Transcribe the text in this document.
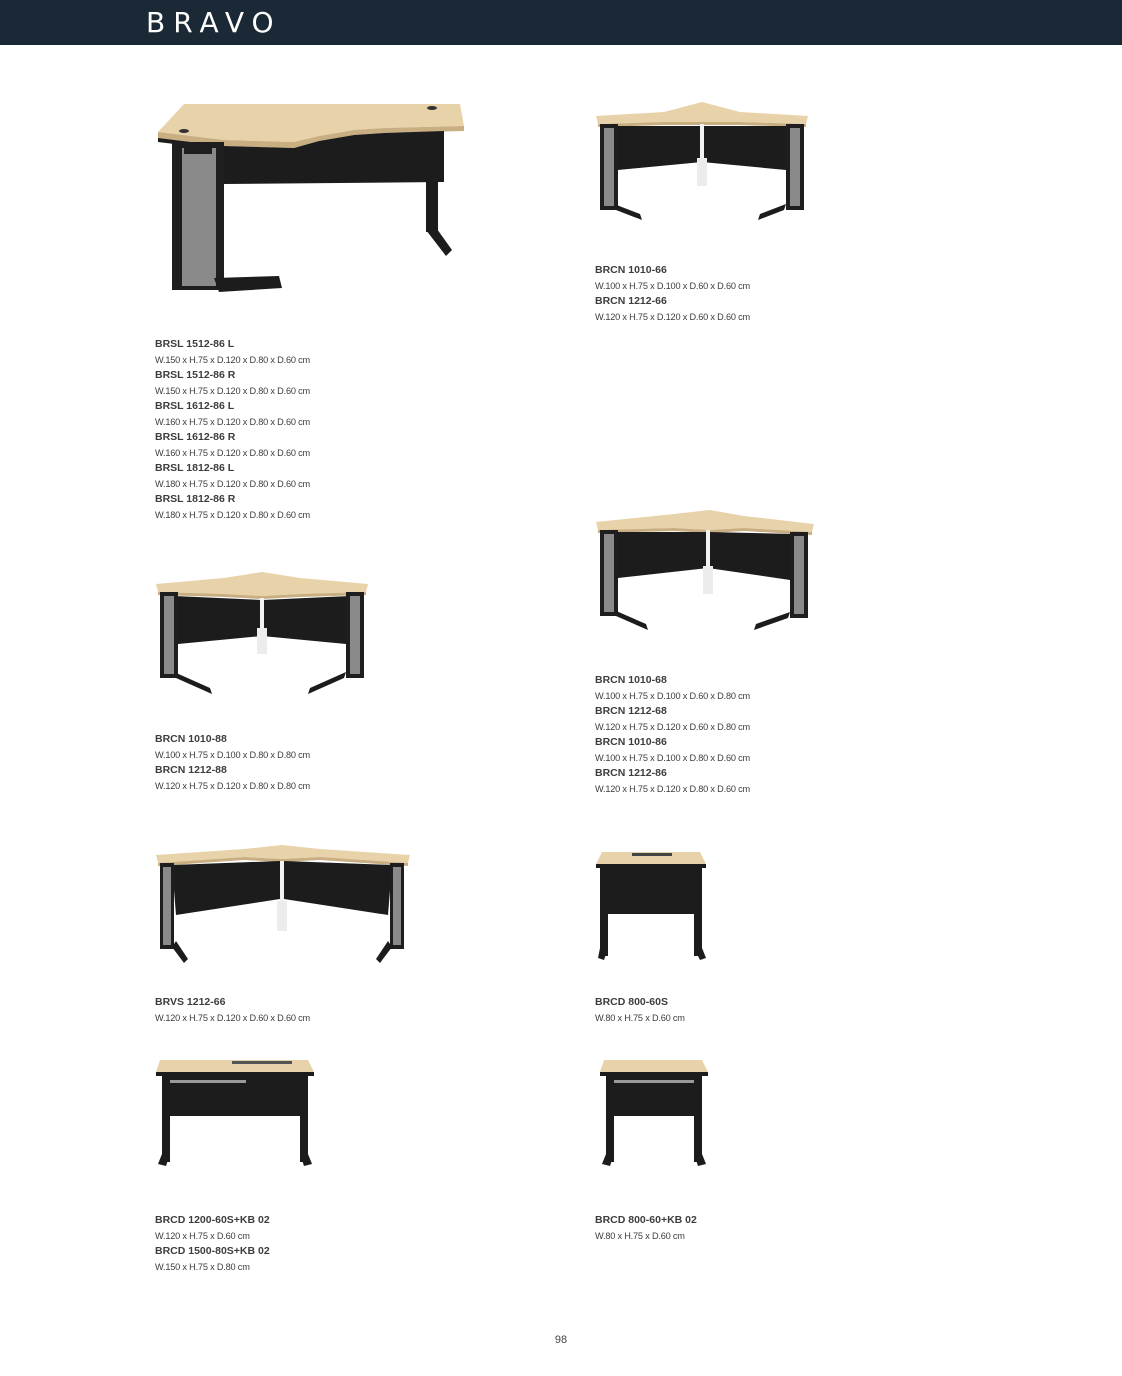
BRAVO
BRSL 1512-86 L
W.150 x H.75 x D.120 x D.80 x D.60 cm
BRSL 1512-86 R
W.150 x H.75 x D.120 x D.80 x D.60 cm
BRSL 1612-86 L
W.160 x H.75 x D.120 x D.80 x D.60 cm
BRSL 1612-86 R
W.160 x H.75 x D.120 x D.80 x D.60 cm
BRSL 1812-86 L
W.180 x H.75 x D.120 x D.80 x D.60 cm
BRSL 1812-86 R
W.180 x H.75 x D.120 x D.80 x D.60 cm
BRCN 1010-66
W.100 x H.75 x D.100 x D.60 x D.60 cm
BRCN 1212-66
W.120 x H.75 x D.120 x D.60 x D.60 cm
BRCN 1010-88
W.100 x H.75 x D.100 x D.80 x D.80 cm
BRCN 1212-88
W.120 x H.75 x D.120 x D.80 x D.80 cm
BRCN 1010-68
W.100 x H.75 x D.100 x D.60 x D.80 cm
BRCN 1212-68
W.120 x H.75 x D.120 x D.60 x D.80 cm
BRCN 1010-86
W.100 x H.75 x D.100 x D.80 x D.60 cm
BRCN 1212-86
W.120 x H.75 x D.120 x D.80 x D.60 cm
BRVS 1212-66
W.120 x H.75 x D.120 x D.60 x D.60 cm
BRCD 800-60S
W.80 x H.75 x D.60 cm
BRCD 1200-60S+KB 02
W.120 x H.75 x D.60 cm
BRCD 1500-80S+KB 02
W.150 x H.75 x D.80 cm
BRCD 800-60+KB 02
W.80 x H.75 x D.60 cm
98
